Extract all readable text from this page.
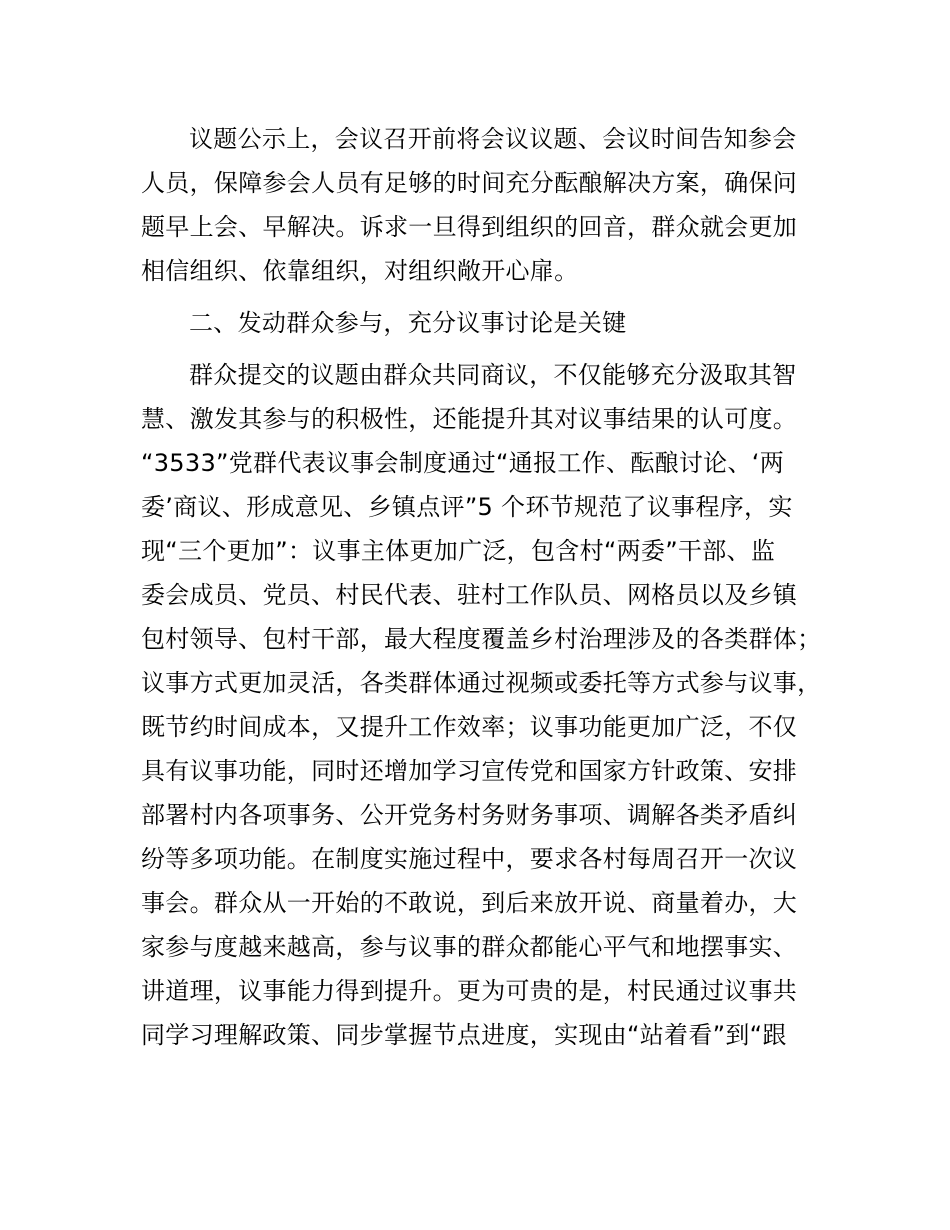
议题公示上，会议召开前将会议议题、会议时间告知参会
人员，保障参会人员有足够的时间充分酝酿解决方案，确保问
题早上会、早解决。诉求一旦得到组织的回音，群众就会更加
相信组织、依靠组织，对组织敞开心扉。
二、发动群众参与，充分议事讨论是关键
群众提交的议题由群众共同商议，不仅能够充分汲取其智
慧、激发其参与的积极性，还能提升其对议事结果的认可度。
“3533”党群代表议事会制度通过“通报工作、酝酿讨论、‘两
委’商议、形成意见、乡镇点评”5 个环节规范了议事程序，实
现“三个更加”：议事主体更加广泛，包含村“两委”干部、监
委会成员、党员、村民代表、驻村工作队员、网格员以及乡镇
包村领导、包村干部，最大程度覆盖乡村治理涉及的各类群体；
议事方式更加灵活，各类群体通过视频或委托等方式参与议事，
既节约时间成本，又提升工作效率；议事功能更加广泛，不仅
具有议事功能，同时还增加学习宣传党和国家方针政策、安排
部署村内各项事务、公开党务村务财务事项、调解各类矛盾纠
纷等多项功能。在制度实施过程中，要求各村每周召开一次议
事会。群众从一开始的不敢说，到后来放开说、商量着办，大
家参与度越来越高，参与议事的群众都能心平气和地摆事实、
讲道理，议事能力得到提升。更为可贵的是，村民通过议事共
同学习理解政策、同步掌握节点进度，实现由“站着看”到“跟
